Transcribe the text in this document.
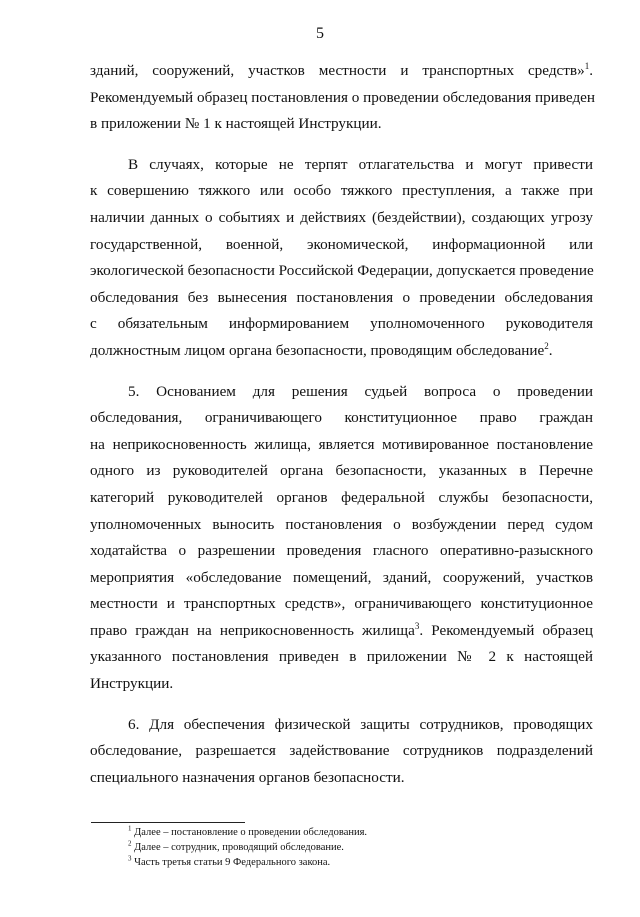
5
зданий, сооружений, участков местности и транспортных средств»$^1$.
Рекомендуемый образец постановления о проведении обследования приведен
в приложении № 1 к настоящей Инструкции.
В случаях, которые не терпят отлагательства и могут привести
к совершению тяжкого или особо тяжкого преступления, а также при
наличии данных о событиях и действиях (бездействии), создающих угрозу
государственной, военной, экономической, информационной или
экологической безопасности Российской Федерации, допускается проведение
обследования без вынесения постановления о проведении обследования
с обязательным информированием уполномоченного руководителя
должностным лицом органа безопасности, проводящим обследование$^2$.
5. Основанием для решения судьей вопроса о проведении
обследования, ограничивающего конституционное право граждан
на неприкосновенность жилища, является мотивированное постановление
одного из руководителей органа безопасности, указанных в Перечне
категорий руководителей органов федеральной службы безопасности,
уполномоченных выносить постановления о возбуждении перед судом
ходатайства о разрешении проведения гласного оперативно-разыскного
мероприятия «обследование помещений, зданий, сооружений, участков
местности и транспортных средств», ограничивающего конституционное
право граждан на неприкосновенность жилища$^3$. Рекомендуемый образец
указанного постановления приведен в приложении № 2 к настоящей
Инструкции.
6. Для обеспечения физической защиты сотрудников, проводящих
обследование, разрешается задействование сотрудников подразделений
специального назначения органов безопасности.
$^1$ Далее – постановление о проведении обследования.
$^2$ Далее – сотрудник, проводящий обследование.
$^3$ Часть третья статьи 9 Федерального закона.
